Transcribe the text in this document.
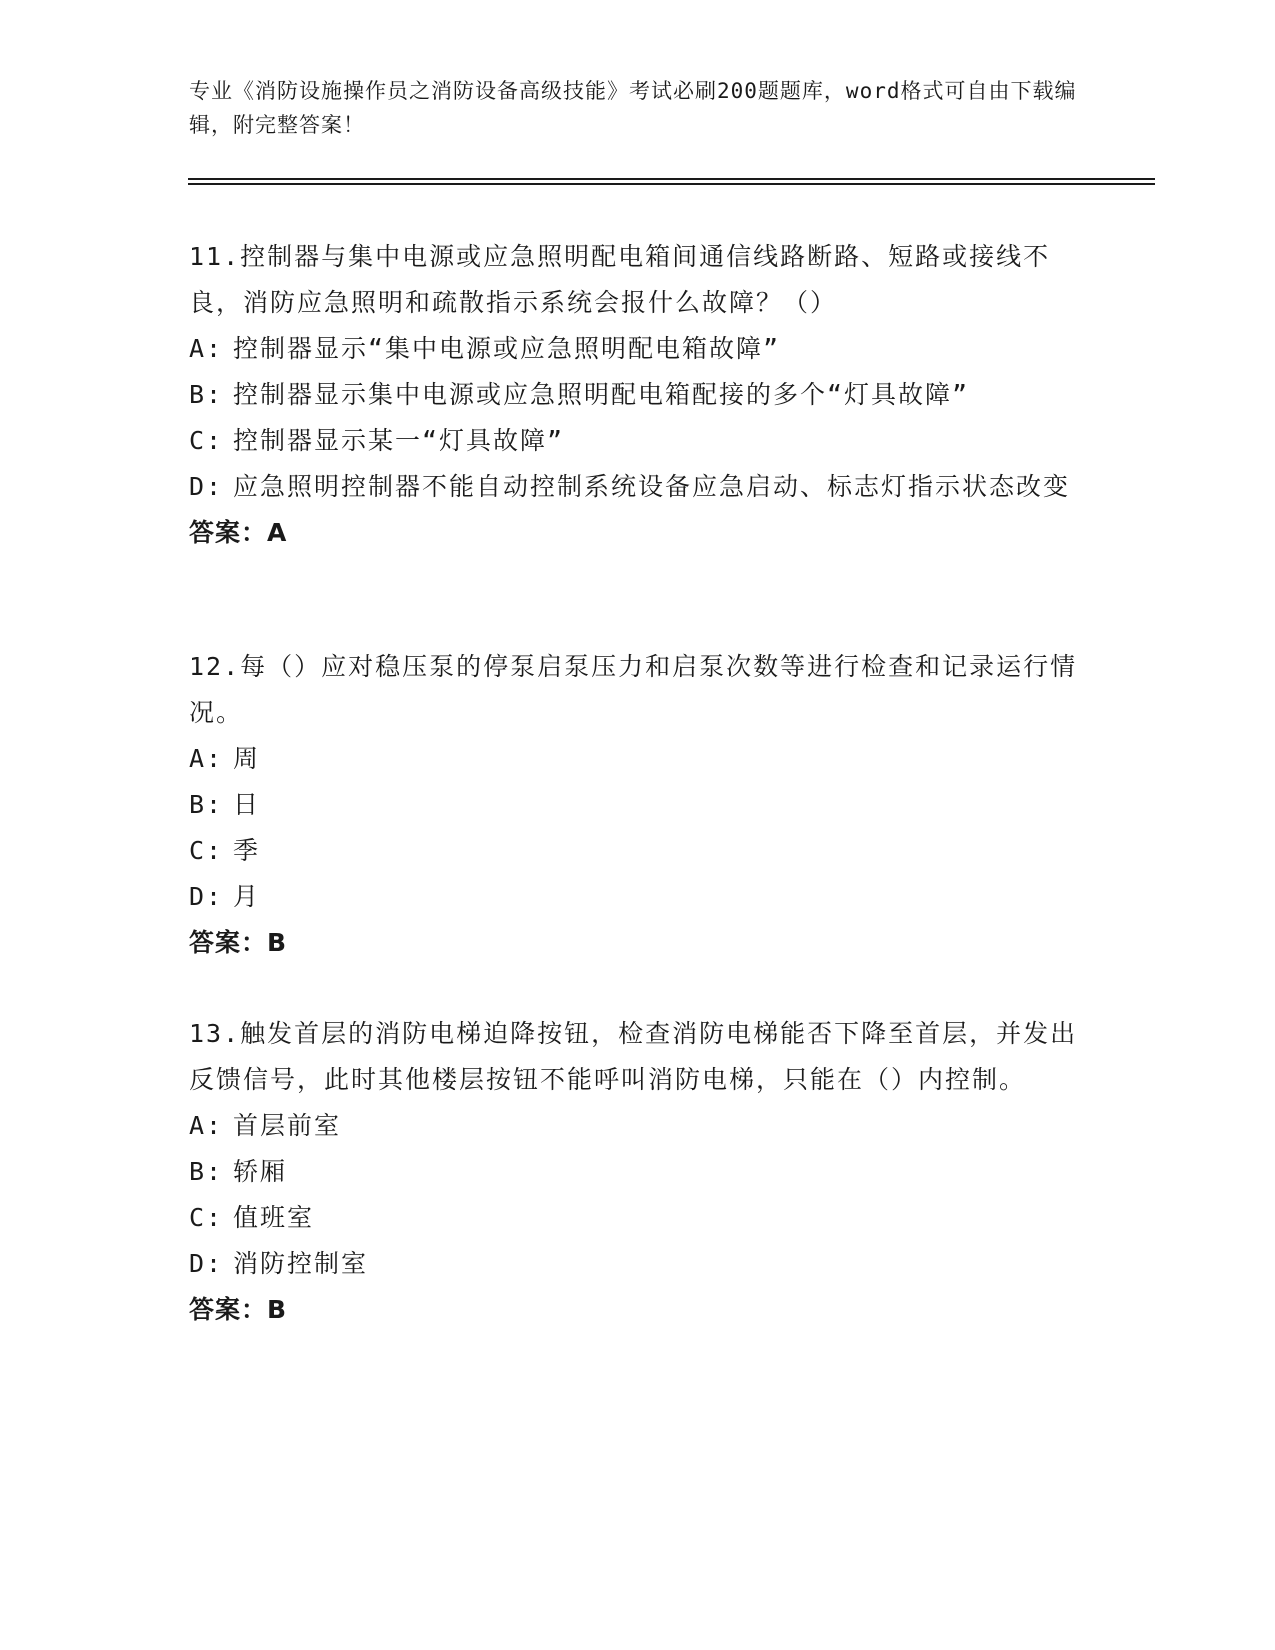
专业《消防设施操作员之消防设备高级技能》考试必刷200题题库，word格式可自由下载编辑，附完整答案！

11.控制器与集中电源或应急照明配电箱间通信线路断路、短路或接线不良，消防应急照明和疏散指示系统会报什么故障？（）

A: 控制器显示“集中电源或应急照明配电箱故障”

B: 控制器显示集中电源或应急照明配电箱配接的多个“灯具故障”

C: 控制器显示某一“灯具故障”

D: 应急照明控制器不能自动控制系统设备应急启动、标志灯指示状态改变

答案：A

12.每（）应对稳压泵的停泵启泵压力和启泵次数等进行检查和记录运行情况。

A: 周

B: 日

C: 季

D: 月

答案：B

13.触发首层的消防电梯迫降按钮，检查消防电梯能否下降至首层，并发出反馈信号，此时其他楼层按钮不能呼叫消防电梯，只能在（）内控制。

A: 首层前室

B: 轿厢

C: 值班室

D: 消防控制室

答案：B
